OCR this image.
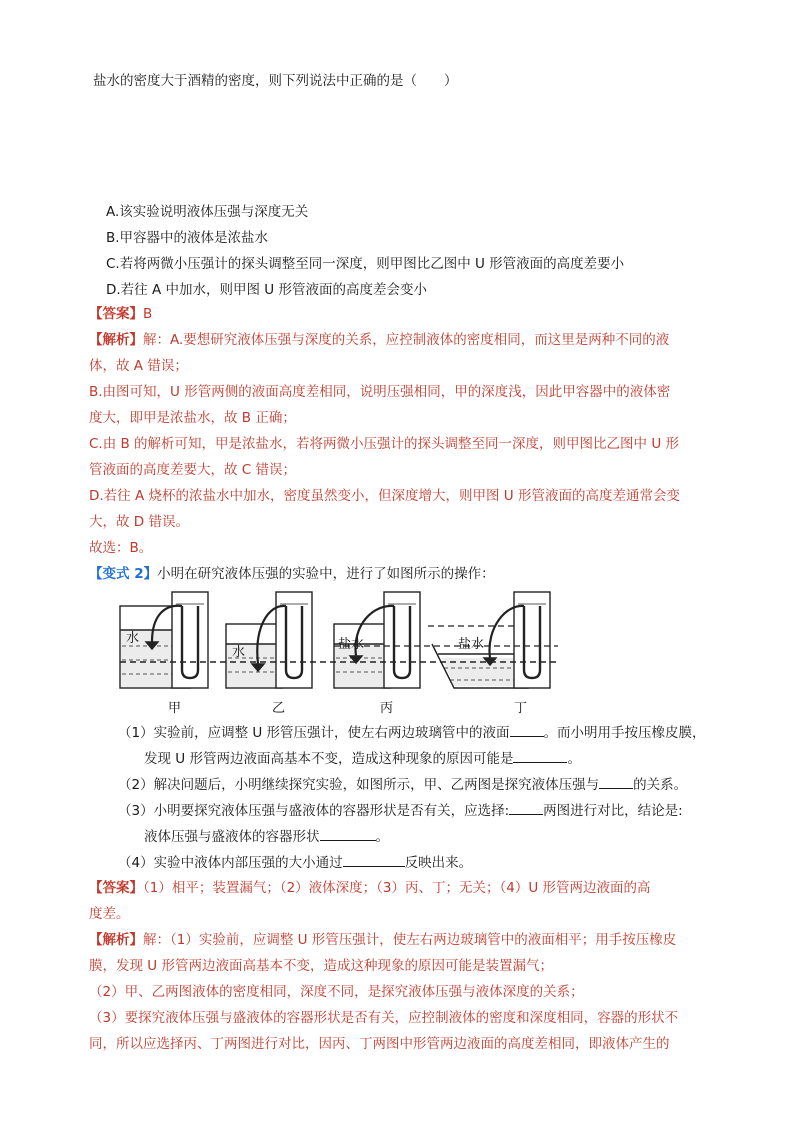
盐水的密度大于酒精的密度，则下列说法中正确的是（　　）
A.该实验说明液体压强与深度无关
B.甲容器中的液体是浓盐水
C.若将两微小压强计的探头调整至同一深度，则甲图比乙图中 U 形管液面的高度差要小
D.若往 A 中加水，则甲图 U 形管液面的高度差会变小
【答案】B
【解析】解：A.要想研究液体压强与深度的关系，应控制液体的密度相同，而这里是两种不同的液
体，故 A 错误；
B.由图可知，U 形管两侧的液面高度差相同，说明压强相同，甲的深度浅，因此甲容器中的液体密
度大，即甲是浓盐水，故 B 正确；
C.由 B 的解析可知，甲是浓盐水，若将两微小压强计的探头调整至同一深度，则甲图比乙图中 U 形
管液面的高度差要大，故 C 错误；
D.若往 A 烧杯的浓盐水中加水，密度虽然变小，但深度增大，则甲图 U 形管液面的高度差通常会变
大，故 D 错误。
故选：B。
【变式 2】小明在研究液体压强的实验中，进行了如图所示的操作：
水
水
盐水	盐水
甲	乙	丙	丁
（1）实验前，应调整 U 形管压强计，使左右两边玻璃管中的液面	。而小明用手按压橡皮膜，
发现 U 形管两边液面高基本不变，造成这种现象的原因可能是	。
（2）解决问题后，小明继续探究实验，如图所示，甲、乙两图是探究液体压强与	的关系。
（3）小明要探究液体压强与盛液体的容器形状是否有关，应选择:	两图进行对比，结论是:
液体压强与盛液体的容器形状	。
（4）实验中液体内部压强的大小通过	反映出来。
【答案】（1）相平；装置漏气；（2）液体深度；（3）丙、丁；无关；（4）U 形管两边液面的高
度差。
【解析】解：（1）实验前，应调整 U 形管压强计，使左右两边玻璃管中的液面相平；用手按压橡皮
膜，发现 U 形管两边液面高基本不变，造成这种现象的原因可能是装置漏气；
（2）甲、乙两图液体的密度相同，深度不同，是探究液体压强与液体深度的关系；
（3）要探究液体压强与盛液体的容器形状是否有关，应控制液体的密度和深度相同，容器的形状不
同，所以应选择丙、丁两图进行对比，因丙、丁两图中形管两边液面的高度差相同，即液体产生的
